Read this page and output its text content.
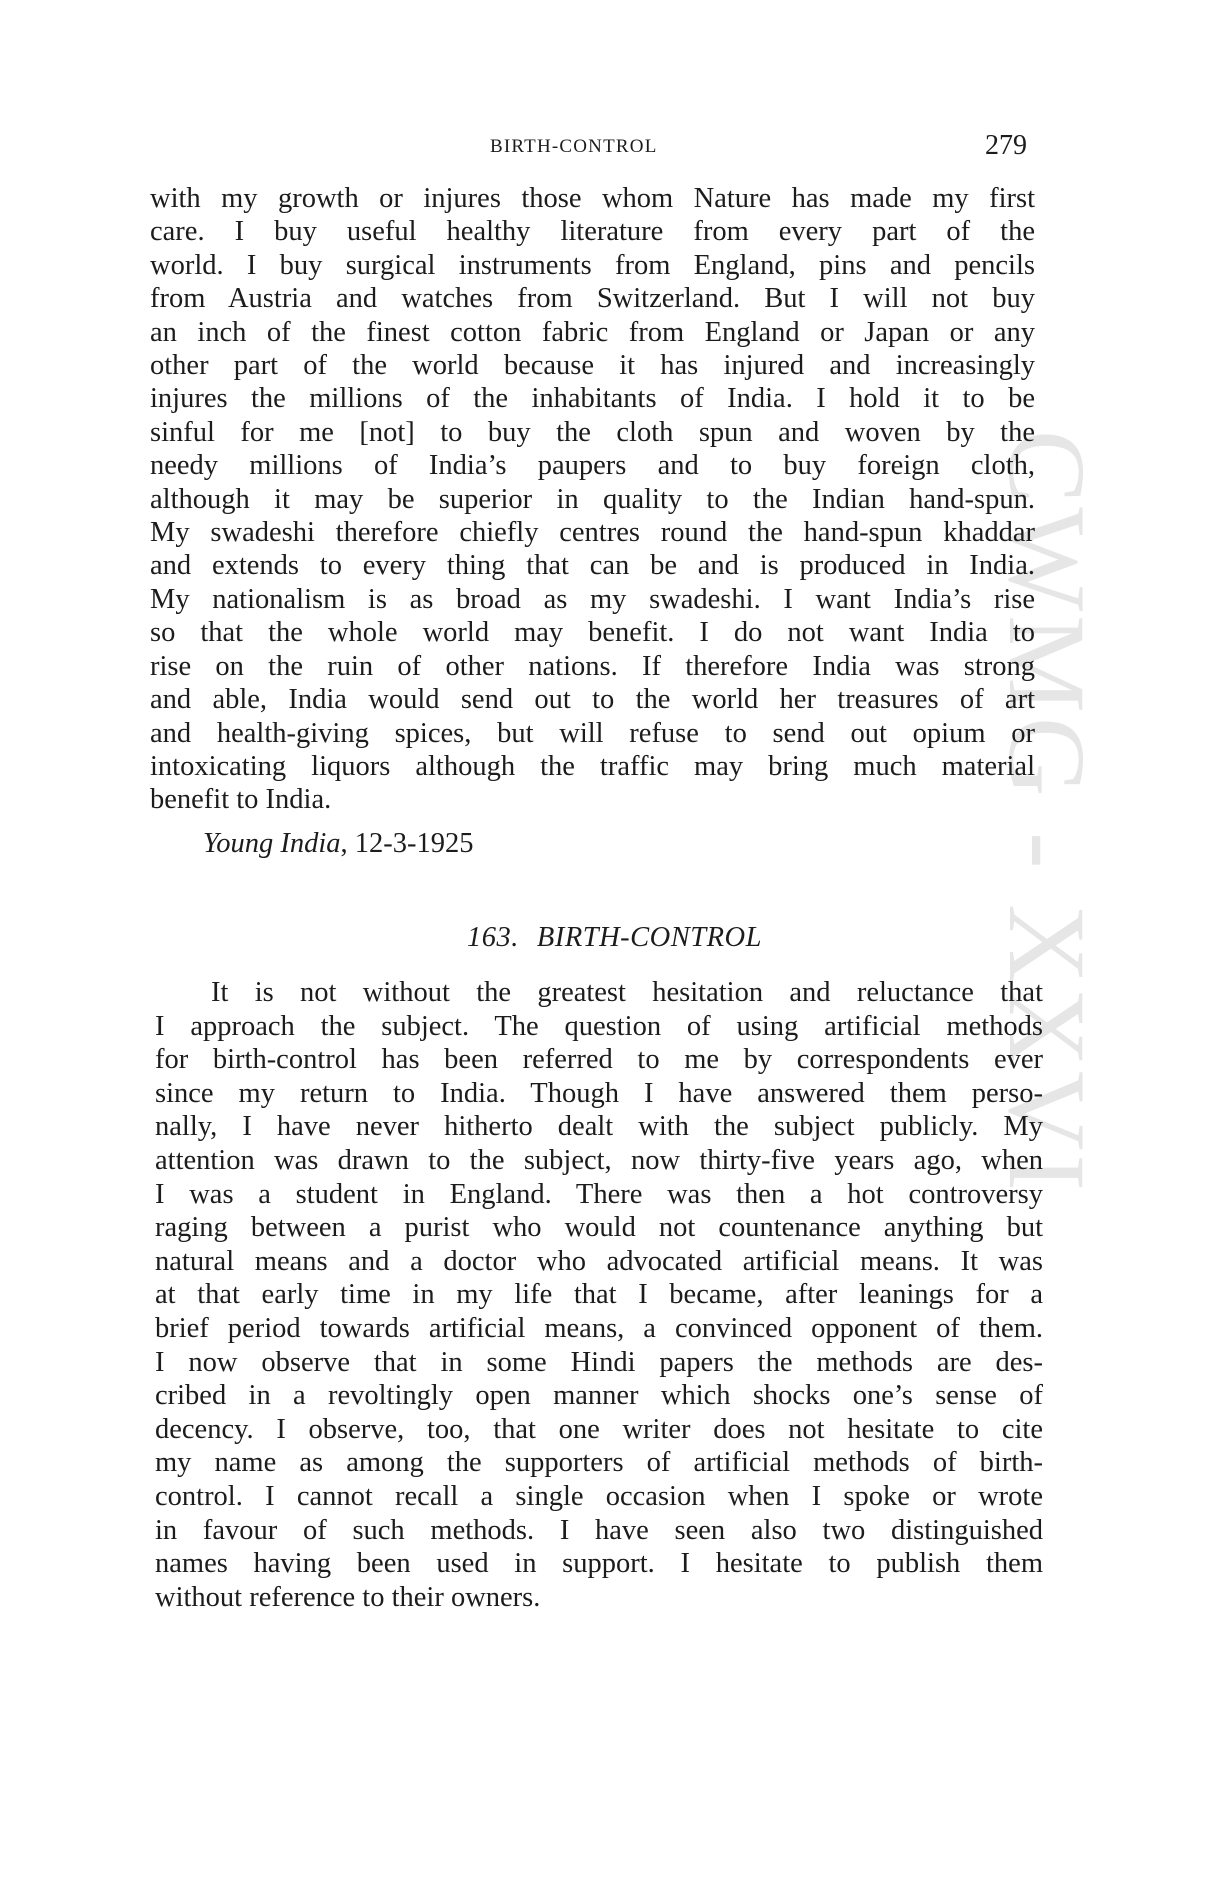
CWMG - XXVI
BIRTH-CONTROL	279
with my growth or injures those whom Nature has made my first
care. I buy useful healthy literature from every part of the
world. I buy surgical instruments from England, pins and pencils
from Austria and watches from Switzerland. But I will not buy
an inch of the finest cotton fabric from England or Japan or any
other part of the world because it has injured and increasingly
injures the millions of the inhabitants of India. I hold it to be
sinful for me [not] to buy the cloth spun and woven by the
needy millions of India’s paupers and to buy foreign cloth,
although it may be superior in quality to the Indian hand-spun.
My swadeshi therefore chiefly centres round the hand-spun khaddar
and extends to every thing that can be and is produced in India.
My nationalism is as broad as my swadeshi. I want India’s rise
so that the whole world may benefit. I do not want India to
rise on the ruin of other nations. If therefore India was strong
and able, India would send out to the world her treasures of art
and health-giving spices, but will refuse to send out opium or
intoxicating liquors although the traffic may bring much material
benefit to India.
Young India, 12-3-1925
163. BIRTH-CONTROL
It is not without the greatest hesitation and reluctance that
I approach the subject. The question of using artificial methods
for birth-control has been referred to me by correspondents ever
since my return to India. Though I have answered them perso-
nally, I have never hitherto dealt with the subject publicly. My
attention was drawn to the subject, now thirty-five years ago, when
I was a student in England. There was then a hot controversy
raging between a purist who would not countenance anything but
natural means and a doctor who advocated artificial means. It was
at that early time in my life that I became, after leanings for a
brief period towards artificial means, a convinced opponent of them.
I now observe that in some Hindi papers the methods are des-
cribed in a revoltingly open manner which shocks one’s sense of
decency. I observe, too, that one writer does not hesitate to cite
my name as among the supporters of artificial methods of birth-
control. I cannot recall a single occasion when I spoke or wrote
in favour of such methods. I have seen also two distinguished
names having been used in support. I hesitate to publish them
without reference to their owners.
